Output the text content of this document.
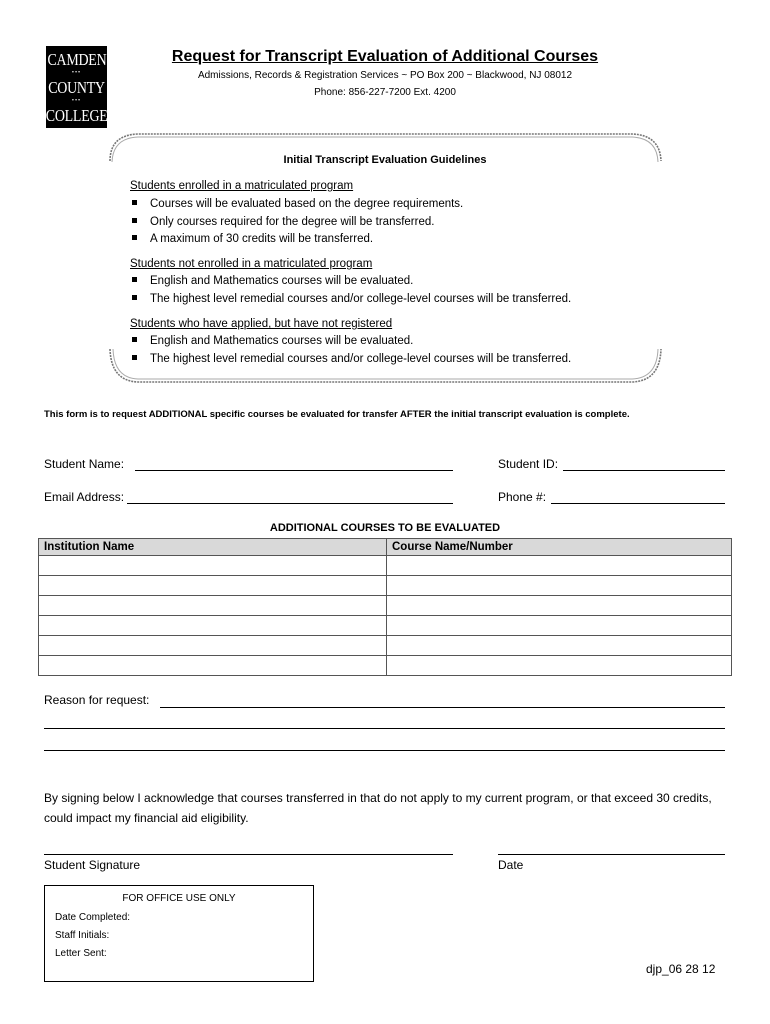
CAMDEN
•••
COUNTY
•••
COLLEGE
Request for Transcript Evaluation of Additional Courses
Admissions, Records & Registration Services ~ PO Box 200 ~ Blackwood, NJ 08012
Phone: 856-227-7200 Ext. 4200
Initial Transcript Evaluation Guidelines
Students enrolled in a matriculated program
Courses will be evaluated based on the degree requirements.
Only courses required for the degree will be transferred.
A maximum of 30 credits will be transferred.
Students not enrolled in a matriculated program
English and Mathematics courses will be evaluated.
The highest level remedial courses and/or college-level courses will be transferred.
Students who have applied, but have not registered
English and Mathematics courses will be evaluated.
The highest level remedial courses and/or college-level courses will be transferred.
This form is to request ADDITIONAL specific courses be evaluated for transfer AFTER the initial transcript evaluation is complete.
Student Name:	Student ID:
Email Address:	Phone #:
ADDITIONAL COURSES TO BE EVALUATED
Institution Name	Course Name/Number

Reason for request:
By signing below I acknowledge that courses transferred in that do not apply to my current program, or that exceed 30 credits, could impact my financial aid eligibility.
Student Signature	Date
FOR OFFICE USE ONLY
Date Completed:
Staff Initials:
Letter Sent:
djp_06 28 12
